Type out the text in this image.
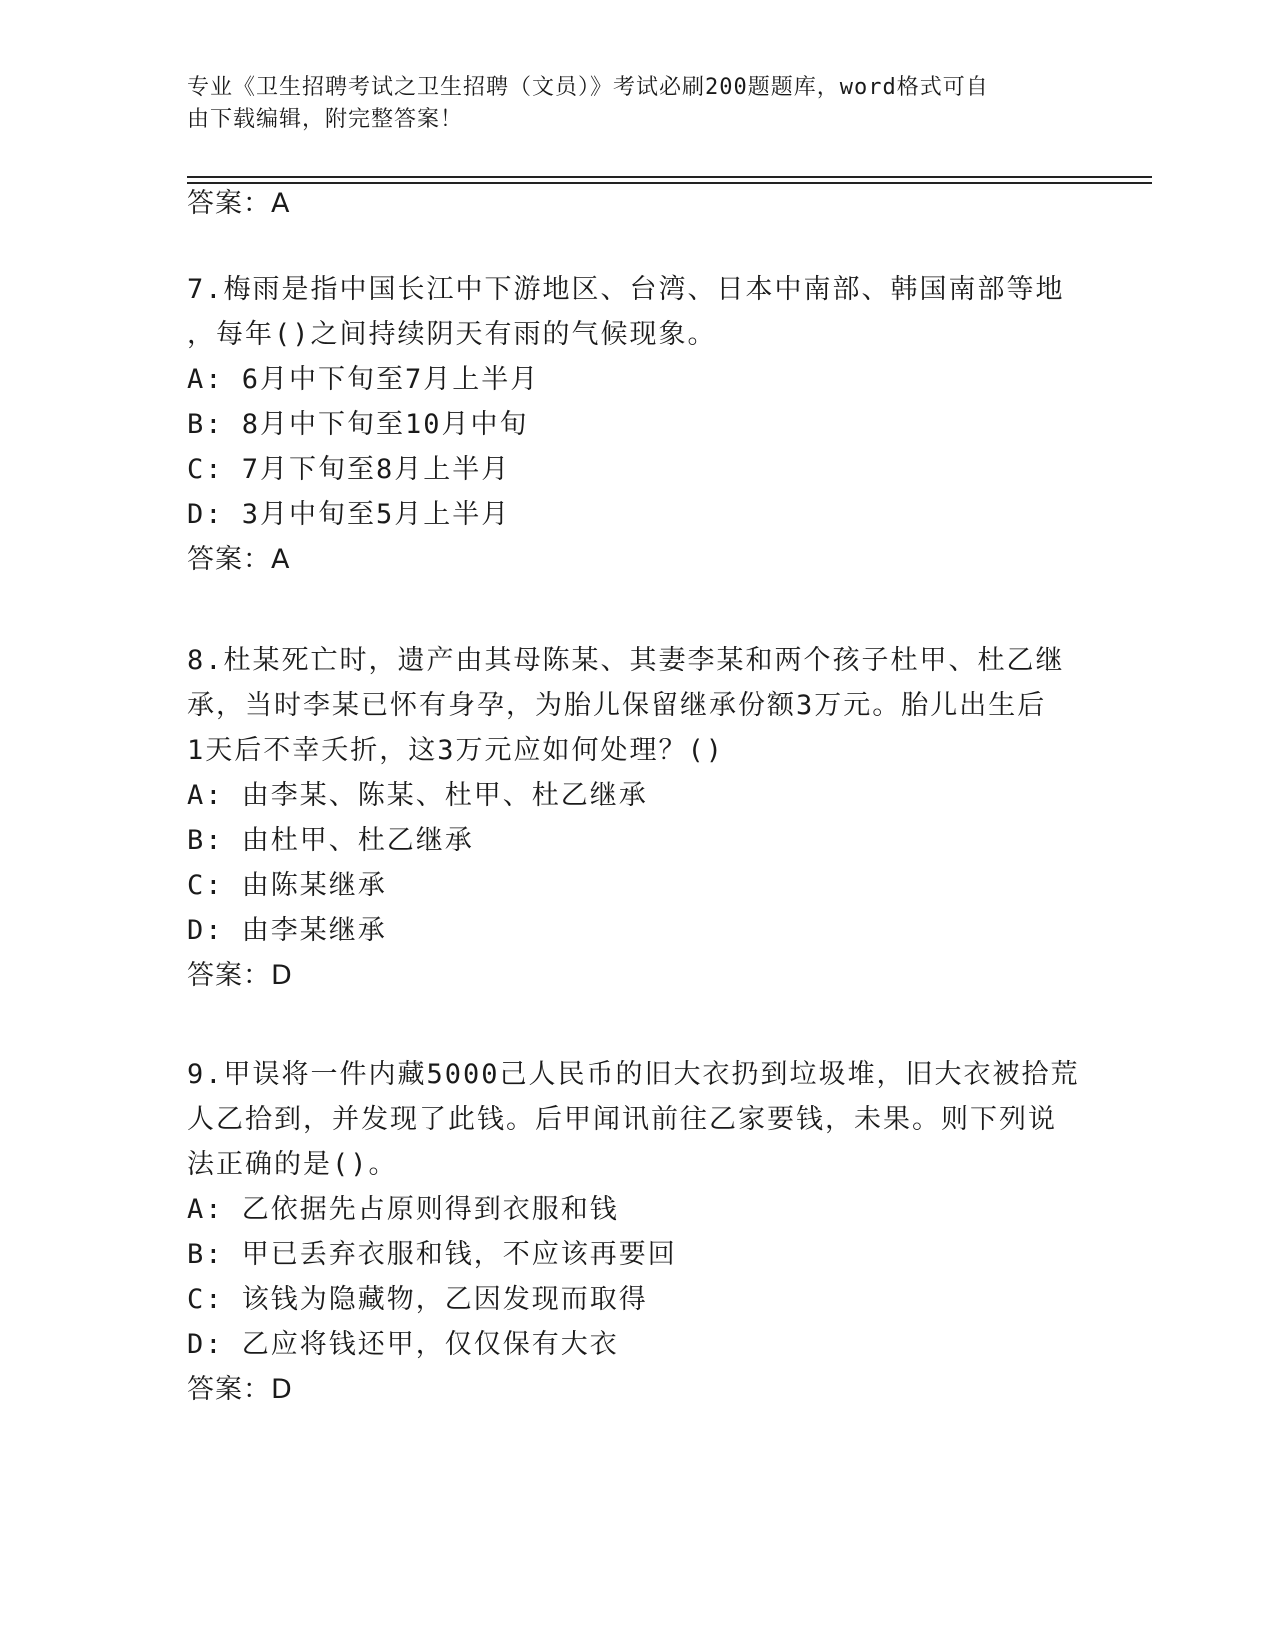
专业《卫生招聘考试之卫生招聘（文员）》考试必刷200题题库，word格式可自
由下载编辑，附完整答案！
答案：A
7.梅雨是指中国长江中下游地区、台湾、日本中南部、韩国南部等地
，每年()之间持续阴天有雨的气候现象。
A: 6月中下旬至7月上半月
B: 8月中下旬至10月中旬
C: 7月下旬至8月上半月
D: 3月中旬至5月上半月
答案：A
8.杜某死亡时，遗产由其母陈某、其妻李某和两个孩子杜甲、杜乙继
承，当时李某已怀有身孕，为胎儿保留继承份额3万元。胎儿出生后
1天后不幸夭折，这3万元应如何处理？()
A: 由李某、陈某、杜甲、杜乙继承
B: 由杜甲、杜乙继承
C: 由陈某继承
D: 由李某继承
答案：D
9.甲误将一件内藏5000己人民币的旧大衣扔到垃圾堆，旧大衣被拾荒
人乙拾到，并发现了此钱。后甲闻讯前往乙家要钱，未果。则下列说
法正确的是()。
A: 乙依据先占原则得到衣服和钱
B: 甲已丢弃衣服和钱，不应该再要回
C: 该钱为隐藏物，乙因发现而取得
D: 乙应将钱还甲，仅仅保有大衣
答案：D
